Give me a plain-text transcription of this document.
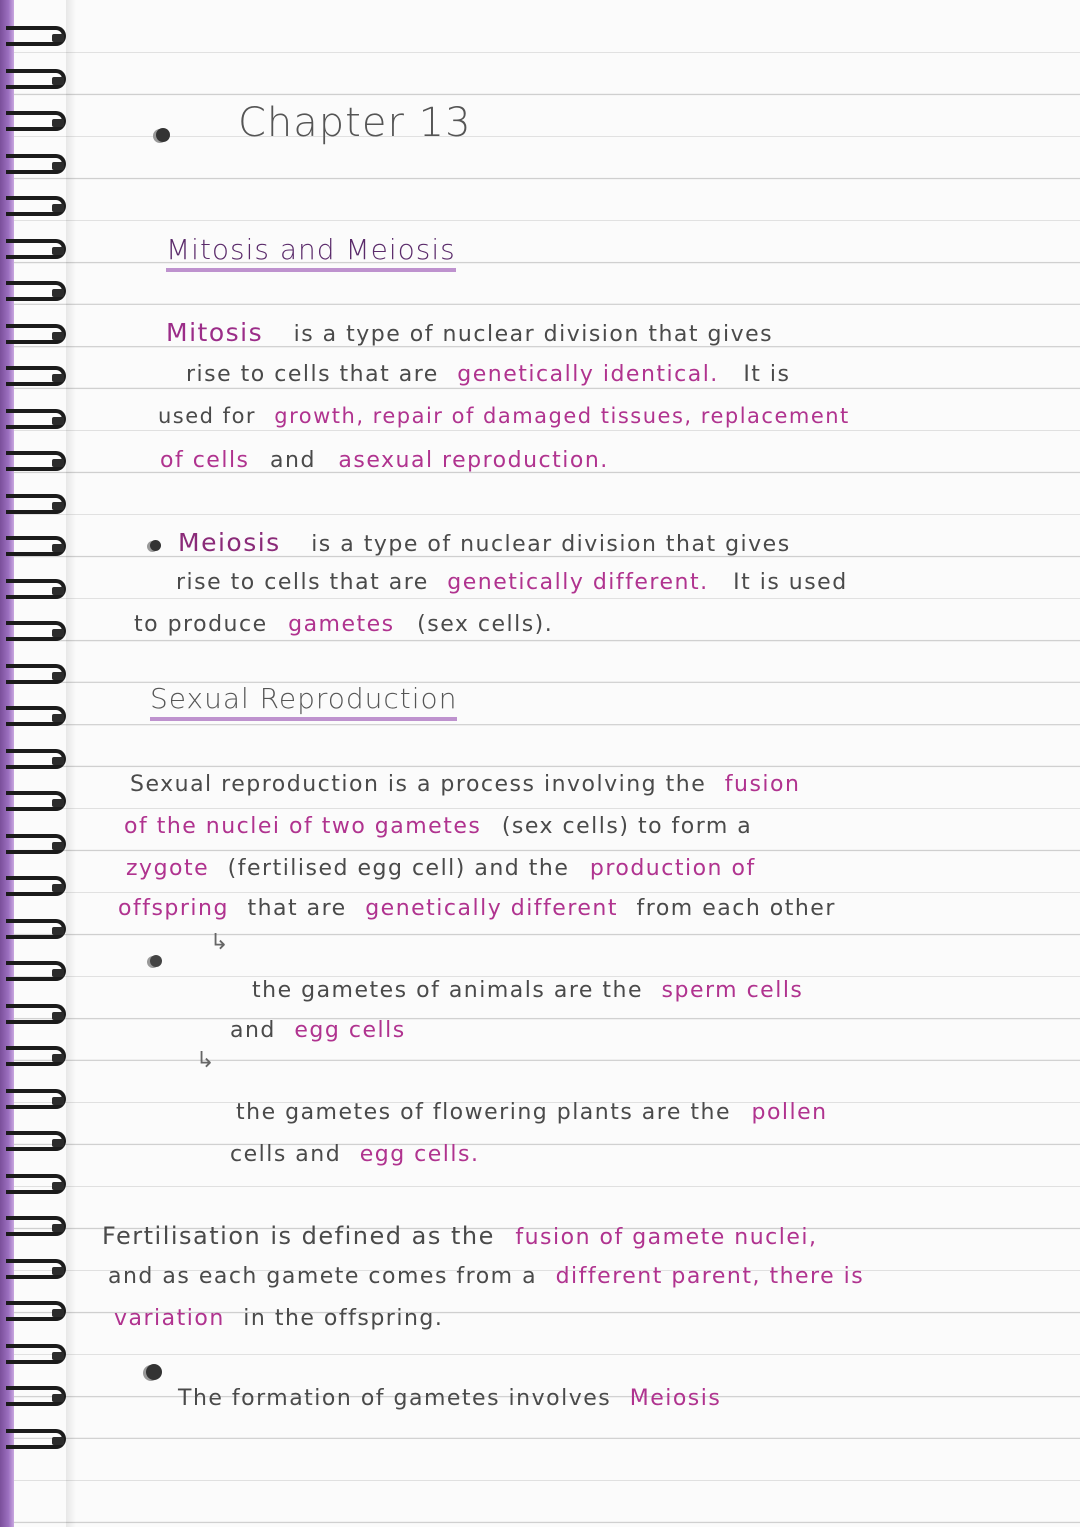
Chapter 13
Mitosis and Meiosis
Mitosis is a type of nuclear division that gives
rise to cells that are genetically identical. It is
used for growth, repair of damaged tissues, replacement
of cells and asexual reproduction.
Meiosis is a type of nuclear division that gives
rise to cells that are genetically different. It is used
to produce gametes (sex cells).
Sexual Reproduction
Sexual reproduction is a process involving the fusion
of the nuclei of two gametes (sex cells) to form a
zygote (fertilised egg cell) and the production of
offspring that are genetically different from each other
↳
the gametes of animals are the sperm cells
and egg cells
↳
the gametes of flowering plants are the pollen
cells and egg cells.
Fertilisation is defined as the fusion of gamete nuclei,
and as each gamete comes from a different parent, there is
variation in the offspring.
The formation of gametes involves Meiosis
